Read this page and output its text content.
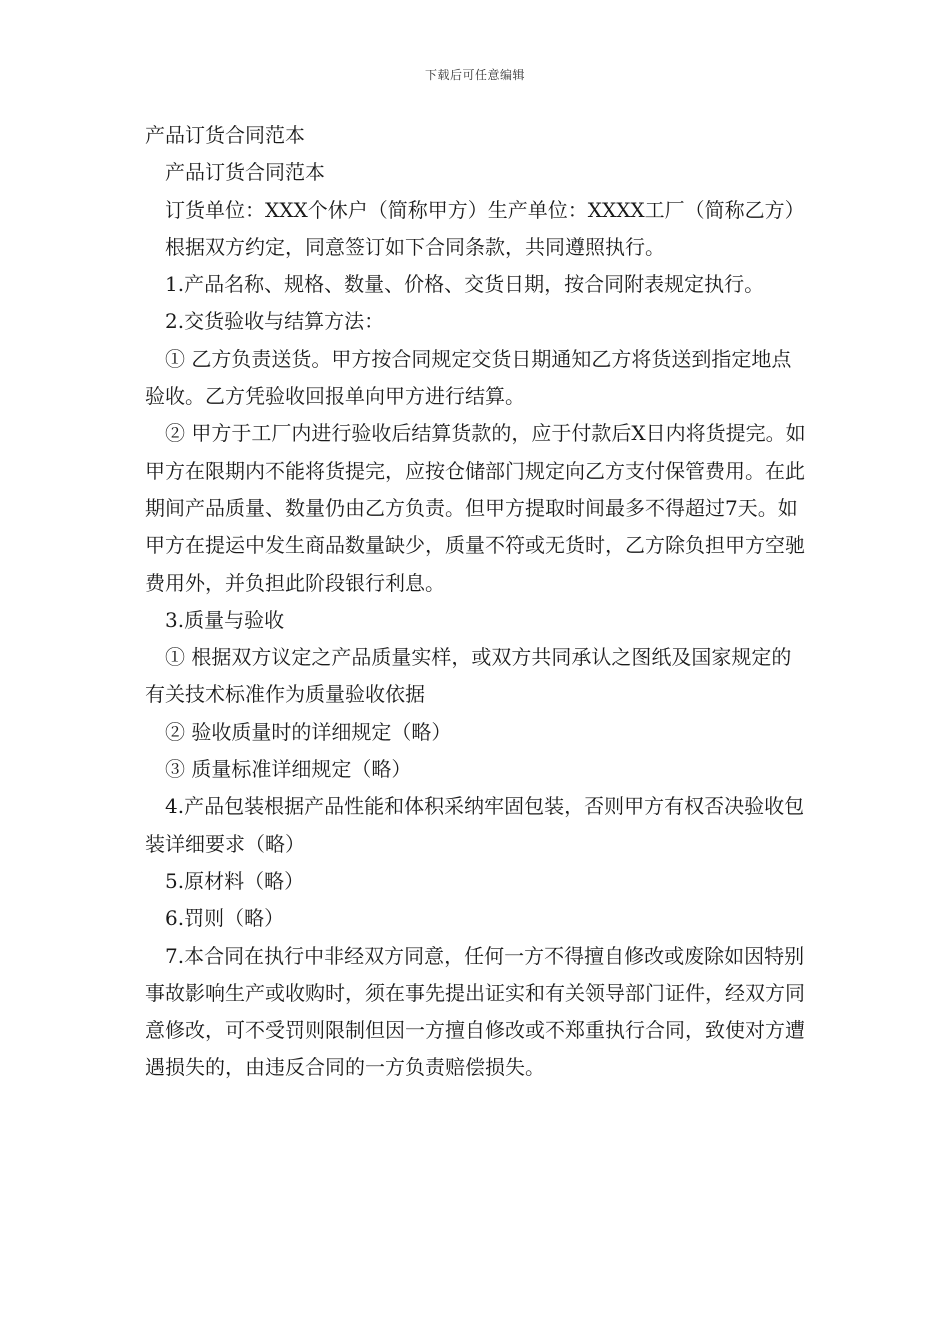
下载后可任意编辑

产品订货合同范本

产品订货合同范本

订货单位：XXX个休户（简称甲方）生产单位：XXXX工厂（简称乙方）

根据双方约定，同意签订如下合同条款，共同遵照执行。

1.产品名称、规格、数量、价格、交货日期，按合同附表规定执行。

2.交货验收与结算方法：

① 乙方负责送货。甲方按合同规定交货日期通知乙方将货送到指定地点验收。乙方凭验收回报单向甲方进行结算。

② 甲方于工厂内进行验收后结算货款的，应于付款后X日内将货提完。如甲方在限期内不能将货提完，应按仓储部门规定向乙方支付保管费用。在此期间产品质量、数量仍由乙方负责。但甲方提取时间最多不得超过7天。如甲方在提运中发生商品数量缺少，质量不符或无货时，乙方除负担甲方空驰费用外，并负担此阶段银行利息。

3.质量与验收

① 根据双方议定之产品质量实样，或双方共同承认之图纸及国家规定的有关技术标准作为质量验收依据

② 验收质量时的详细规定（略）

③ 质量标准详细规定（略）

4.产品包装根据产品性能和体积采纳牢固包装，否则甲方有权否决验收包装详细要求（略）

5.原材料（略）

6.罚则（略）

7.本合同在执行中非经双方同意，任何一方不得擅自修改或废除如因特别事故影响生产或收购时，须在事先提出证实和有关领导部门证件，经双方同意修改，可不受罚则限制但因一方擅自修改或不郑重执行合同，致使对方遭遇损失的，由违反合同的一方负责赔偿损失。
